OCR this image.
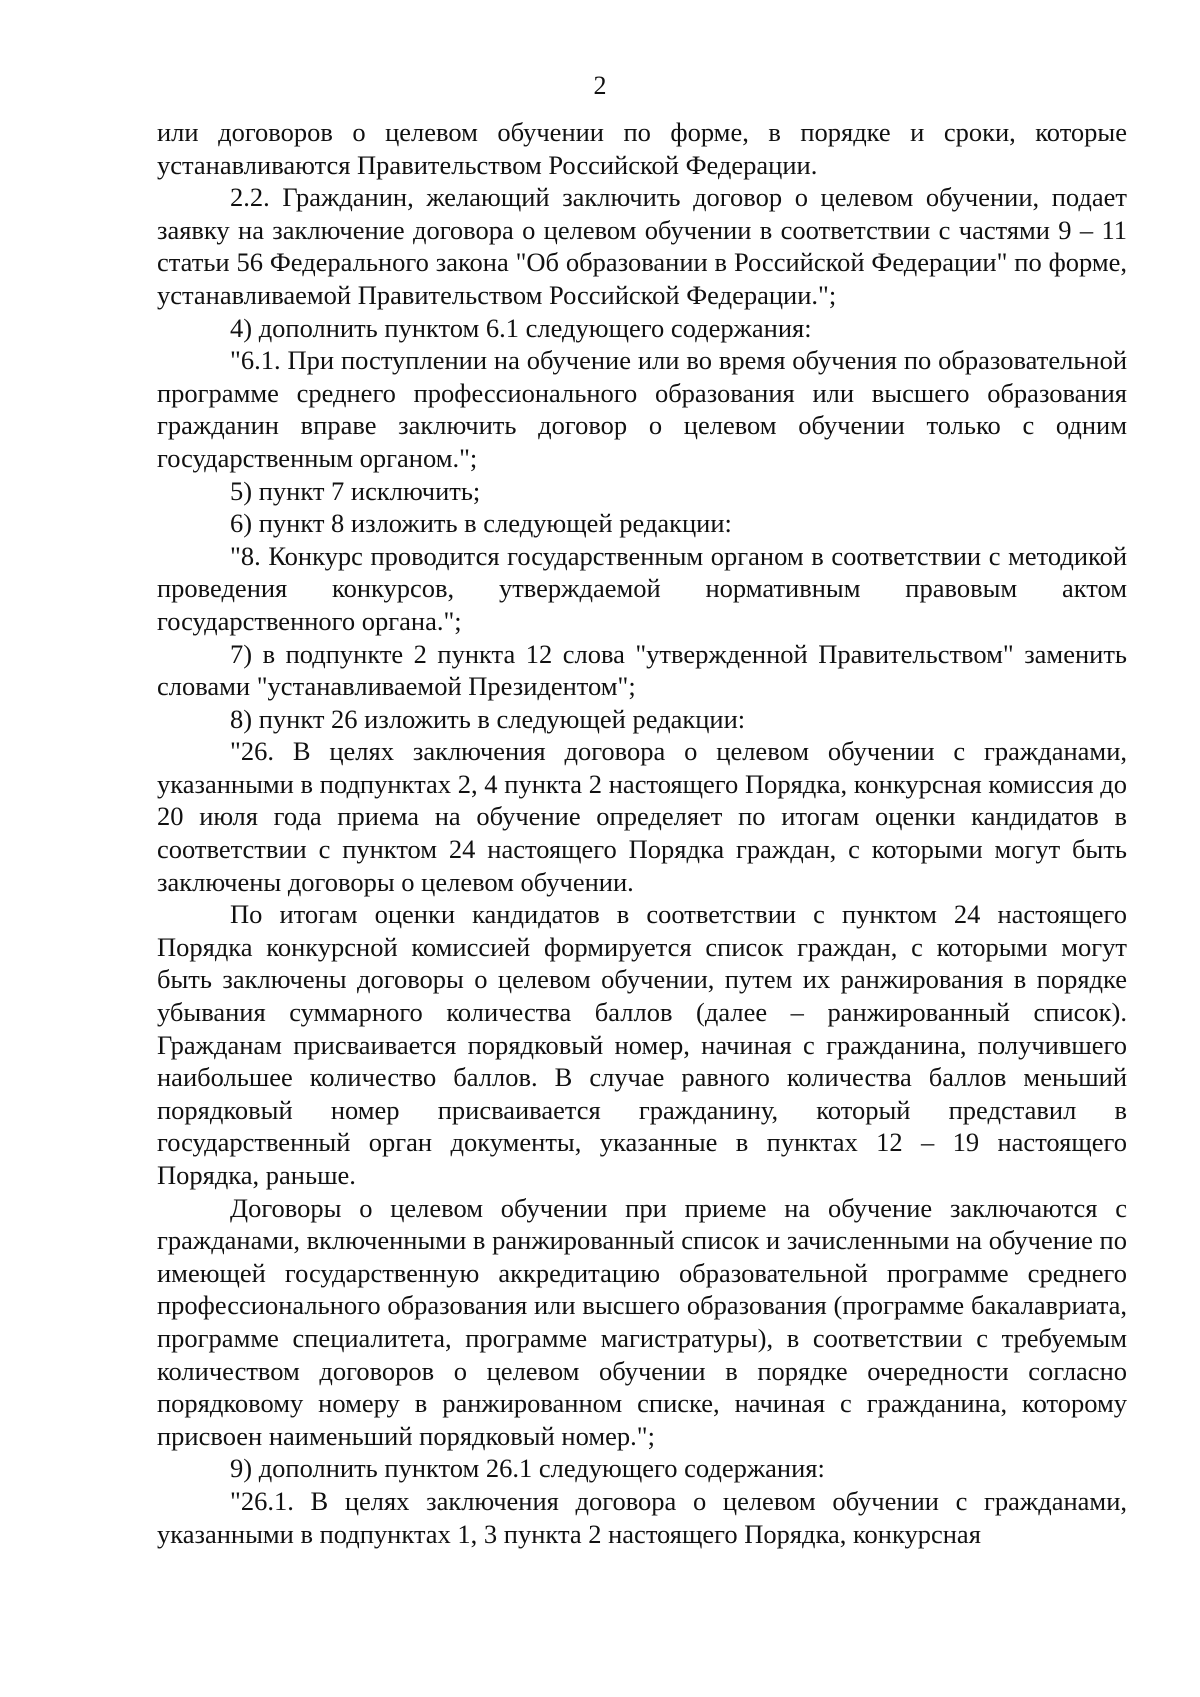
2

или договоров о целевом обучении по форме, в порядке и сроки, которые устанавливаются Правительством Российской Федерации.

2.2. Гражданин, желающий заключить договор о целевом обучении, подает заявку на заключение договора о целевом обучении в соответствии с частями 9 – 11 статьи 56 Федерального закона "Об образовании в Российской Федерации" по форме, устанавливаемой Правительством Российской Федерации.";

4) дополнить пунктом 6.1 следующего содержания:

"6.1. При поступлении на обучение или во время обучения по образовательной программе среднего профессионального образования или высшего образования гражданин вправе заключить договор о целевом обучении только с одним государственным органом.";

5) пункт 7 исключить;

6) пункт 8 изложить в следующей редакции:

"8. Конкурс проводится государственным органом в соответствии с методикой проведения конкурсов, утверждаемой нормативным правовым актом государственного органа.";

7) в подпункте 2 пункта 12 слова "утвержденной Правительством" заменить словами "устанавливаемой Президентом";

8) пункт 26 изложить в следующей редакции:

"26. В целях заключения договора о целевом обучении с гражданами, указанными в подпунктах 2, 4 пункта 2 настоящего Порядка, конкурсная комиссия до 20 июля года приема на обучение определяет по итогам оценки кандидатов в соответствии с пунктом 24 настоящего Порядка граждан, с которыми могут быть заключены договоры о целевом обучении.

По итогам оценки кандидатов в соответствии с пунктом 24 настоящего Порядка конкурсной комиссией формируется список граждан, с которыми могут быть заключены договоры о целевом обучении, путем их ранжирования в порядке убывания суммарного количества баллов (далее – ранжированный список). Гражданам присваивается порядковый номер, начиная с гражданина, получившего наибольшее количество баллов. В случае равного количества баллов меньший порядковый номер присваивается гражданину, который представил в государственный орган документы, указанные в пунктах 12 – 19 настоящего Порядка, раньше.

Договоры о целевом обучении при приеме на обучение заключаются с гражданами, включенными в ранжированный список и зачисленными на обучение по имеющей государственную аккредитацию образовательной программе среднего профессионального образования или высшего образования (программе бакалавриата, программе специалитета, программе магистратуры), в соответствии с требуемым количеством договоров о целевом обучении в порядке очередности согласно порядковому номеру в ранжированном списке, начиная с гражданина, которому присвоен наименьший порядковый номер.";

9) дополнить пунктом 26.1 следующего содержания:

"26.1. В целях заключения договора о целевом обучении с гражданами, указанными в подпунктах 1, 3 пункта 2 настоящего Порядка, конкурсная
